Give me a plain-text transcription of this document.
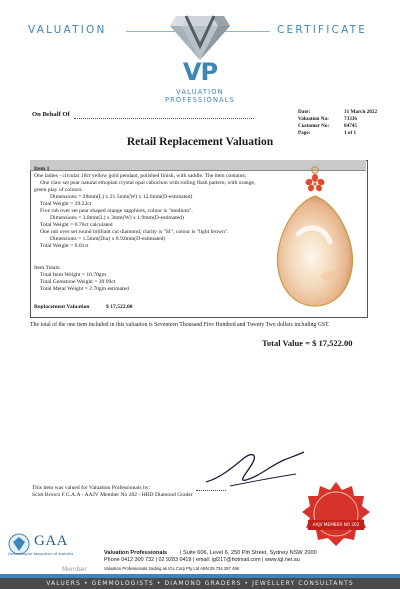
VALUATION	CERTIFICATE
VP
VALUATION
PROFESSIONALS
On Behalf Of	Date:	31 March 2022
Valuation No:	73336
Customer No:	84745
Page:	1 of 1
Retail Replacement Valuation
Item 1
One ladies - circular 18ct yellow gold pendant, polished finish, with saddle. The item contains:
One claw set pear natural ethopian crystal opal cabochon with rolling flash pattern, with orange,
green play of colours.
Dimensions = 28mm(L) x 21.5mm(W) x 12.6mm(D-estimated)
Total Weight = 39.22ct
Five rub over set pear shaped orange sapphires, colour is "medium".
Dimensions = 3.8mm(L) x 3mm(W) x 1.9mm(D-estimated)
Total Weight = 0.76ct calculated
One rub over set round brilliant cut diamond, clarity is "SI", colour is "light brown".
Dimensions = 1.5mm(Dia) x 0.92mm(D-estimated)
Total Weight = 0.01ct
Item Totals:
Total Item Weight = 10.70gm
Total Gemstone Weight = 39.99ct
Total Metal Weight = 2.70gm estimated
Replacement Valuation	$ 17,522.00
The total of the one item included in this valuation is Seventeen Thousand Five Hundred and Twenty Two dollars including GST.
Total Value = $ 17,522.00
This item was valued for Valuation Professionals by:
Scott Brown F.G.A.A - AAJV Member No 202 - HRD Diamond Grader
AAJV MEMBER NO 202
GAA
Gemmological Association of Australia
Member
Valuation Professionals | Suite 606, Level 6, 250 Pitt Street, Sydney NSW 2000
Phone 0412 300 732 | 02 9283 0419 | email: igl217@hotmail.com | www.igl.net.au
Valuation Professionals trading as IGL Corp Pty Ltd ABN 25 734 397 496
VALUERS • GEMMOLOGISTS • DIAMOND GRADERS • JEWELLERY CONSULTANTS
